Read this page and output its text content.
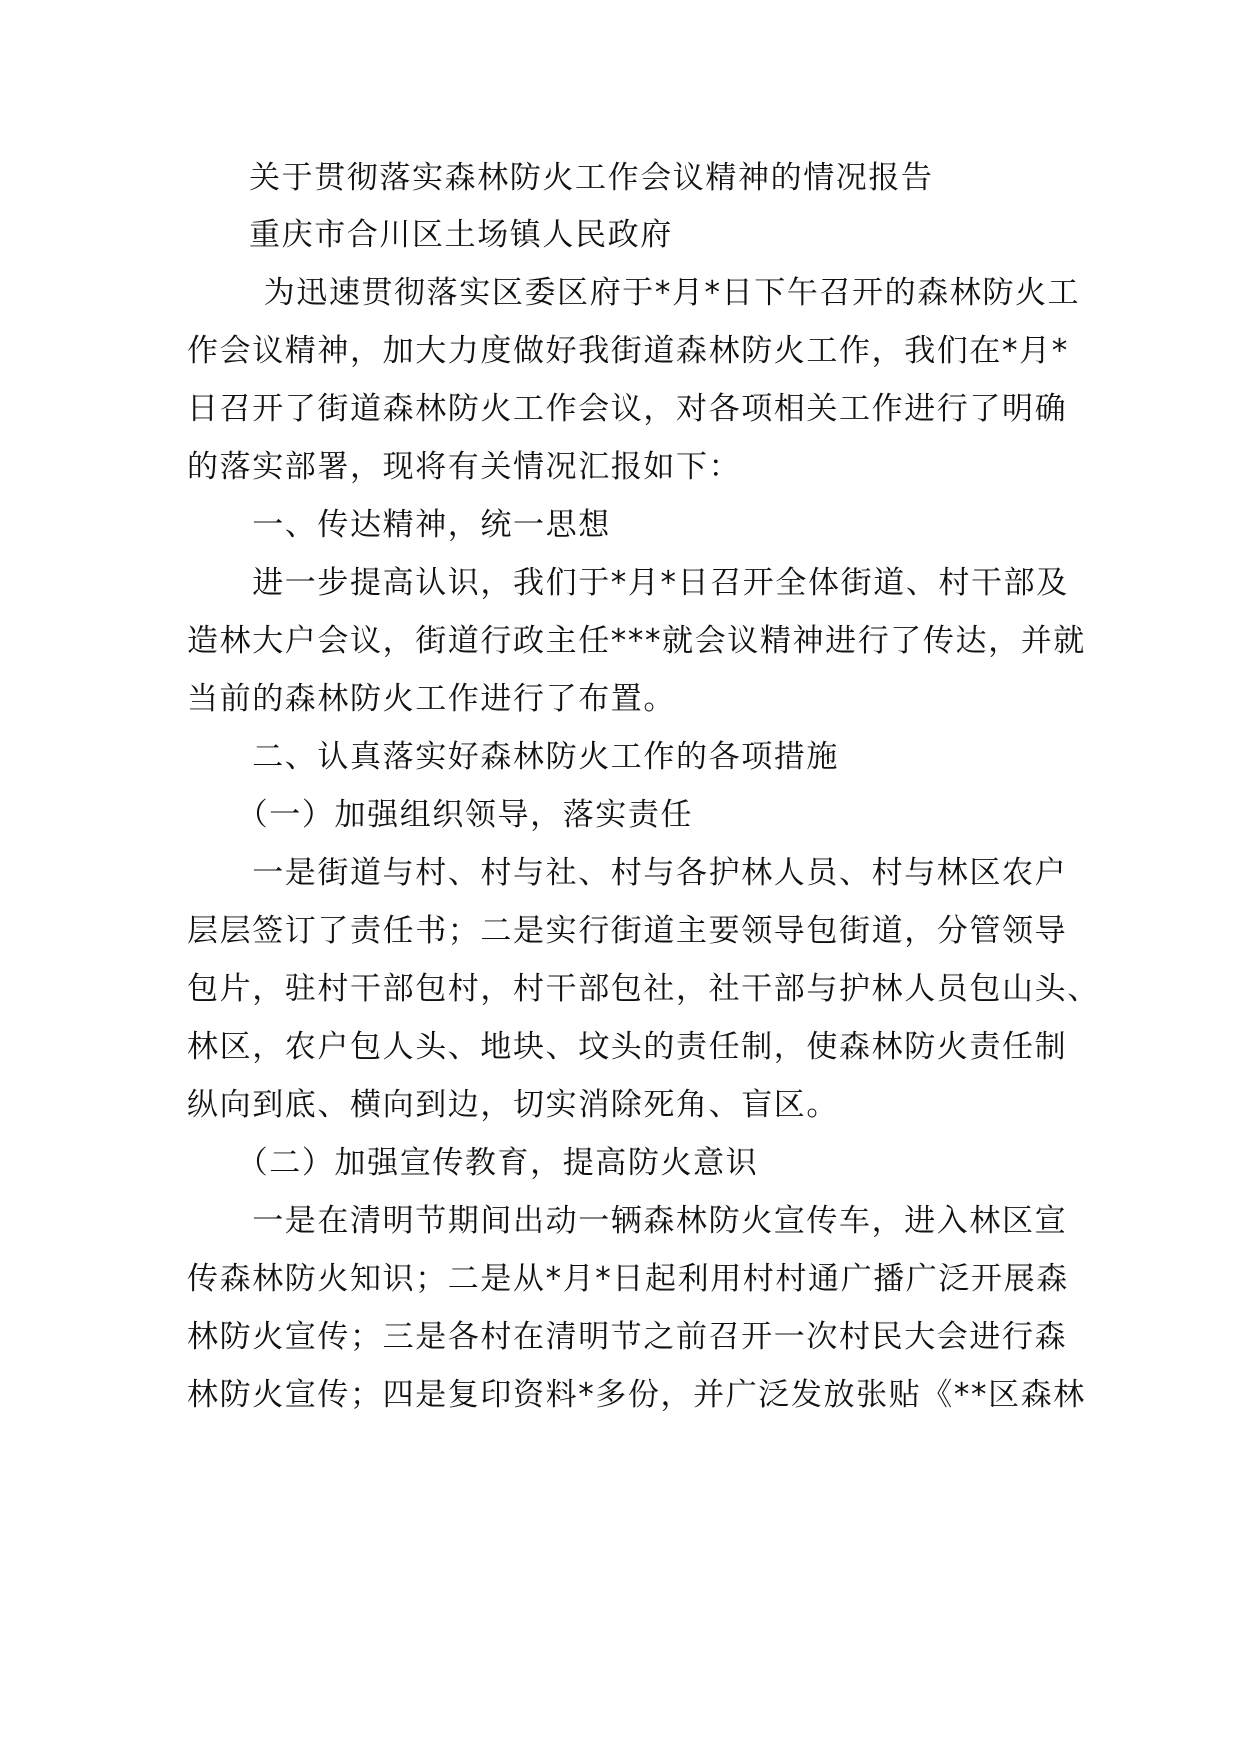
关于贯彻落实森林防火工作会议精神的情况报告
重庆市合川区土场镇人民政府
　　 为迅速贯彻落实区委区府于*月*日下午召开的森林防火工
作会议精神，加大力度做好我街道森林防火工作，我们在*月*
日召开了街道森林防火工作会议，对各项相关工作进行了明确
的落实部署，现将有关情况汇报如下：
　　一、传达精神，统一思想
　　进一步提高认识，我们于*月*日召开全体街道、村干部及
造林大户会议，街道行政主任***就会议精神进行了传达，并就
当前的森林防火工作进行了布置。
　　二、认真落实好森林防火工作的各项措施
　　（一）加强组织领导，落实责任
　　一是街道与村、村与社、村与各护林人员、村与林区农户
层层签订了责任书；二是实行街道主要领导包街道，分管领导
包片，驻村干部包村，村干部包社，社干部与护林人员包山头、
林区，农户包人头、地块、坟头的责任制，使森林防火责任制
纵向到底、横向到边，切实消除死角、盲区。
　　（二）加强宣传教育，提高防火意识
　　一是在清明节期间出动一辆森林防火宣传车，进入林区宣
传森林防火知识；二是从*月*日起利用村村通广播广泛开展森
林防火宣传；三是各村在清明节之前召开一次村民大会进行森
林防火宣传；四是复印资料*多份，并广泛发放张贴《**区森林
